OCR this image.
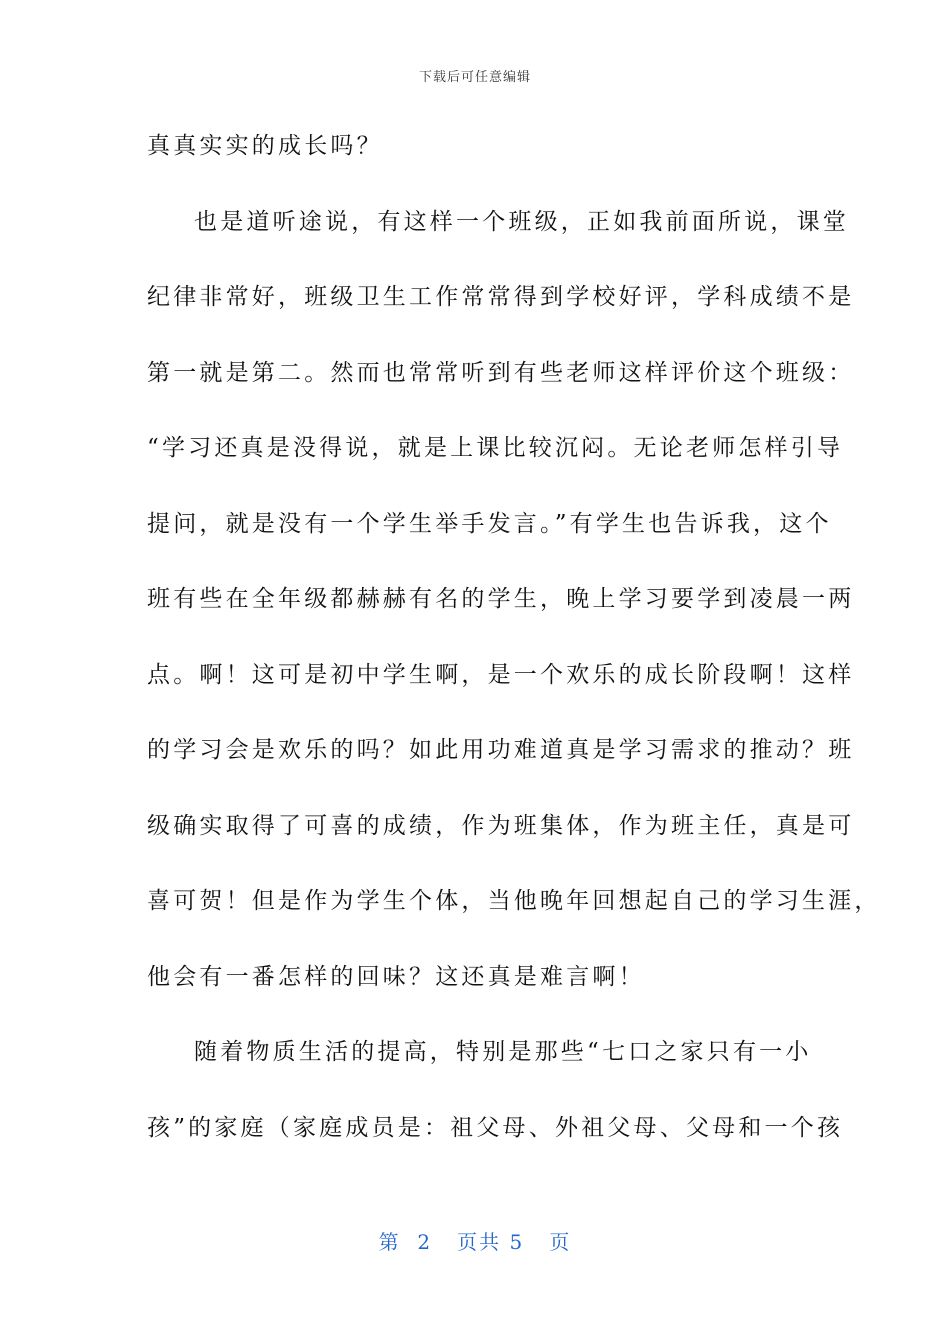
下载后可任意编辑
真真实实的成长吗？
也是道听途说，有这样一个班级，正如我前面所说，课堂
纪律非常好，班级卫生工作常常得到学校好评，学科成绩不是
第一就是第二。然而也常常听到有些老师这样评价这个班级：
“学习还真是没得说，就是上课比较沉闷。无论老师怎样引导
提问，就是没有一个学生举手发言。”有学生也告诉我，这个
班有些在全年级都赫赫有名的学生，晚上学习要学到凌晨一两
点。啊！这可是初中学生啊，是一个欢乐的成长阶段啊！这样
的学习会是欢乐的吗？如此用功难道真是学习需求的推动？班
级确实取得了可喜的成绩，作为班集体，作为班主任，真是可
喜可贺！但是作为学生个体，当他晚年回想起自己的学习生涯，
他会有一番怎样的回味？这还真是难言啊！
随着物质生活的提高，特别是那些“七口之家只有一小
孩”的家庭（家庭成员是：祖父母、外祖父母、父母和一个孩
第  2   页共 5   页
